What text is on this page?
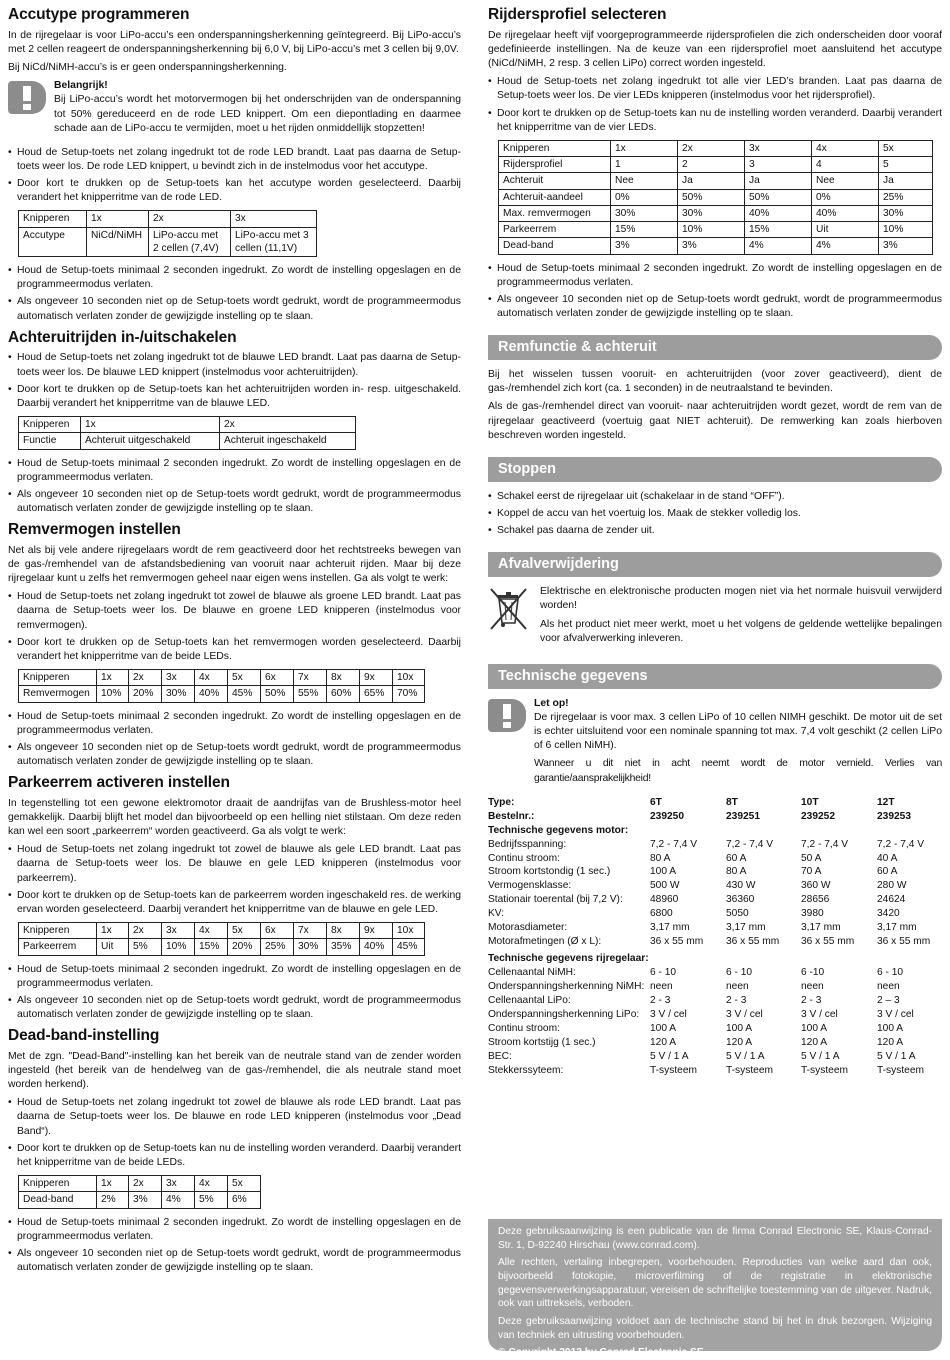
Accutype programmeren

In de rijregelaar is voor LiPo-accu’s een onderspanningsherkenning geïntegreerd. Bij LiPo-accu’s met 2 cellen reageert de onderspanningsherkenning bij 6,0 V, bij LiPo-accu’s met 3 cellen bij 9,0V.

Bij NiCd/NiMH-accu’s is er geen onderspanningsherkenning.

Belangrijk!

Bij LiPo-accu’s wordt het motorvermogen bij het onderschrijden van de onderspanning tot 50% gereduceerd en de rode LED knippert. Om een diepontlading en daarmee schade aan de LiPo-accu te vermijden, moet u het rijden onmiddellijk stopzetten!

• Houd de Setup-toets net zolang ingedrukt tot de rode LED brandt. Laat pas daarna de Setup-toets weer los. De rode LED knippert, u bevindt zich in de instelmodus voor het accutype.
• Door kort te drukken op de Setup-toets kan het accutype worden geselecteerd. Daarbij verandert het knipperritme van de rode LED.
Knipperen	1x	2x	3x
Accutype	NiCd/NiMH	LiPo-accu met 2 cellen (7,4V)	LiPo-accu met 3 cellen (11,1V)
• Houd de Setup-toets minimaal 2 seconden ingedrukt. Zo wordt de instelling opgeslagen en de programmeermodus verlaten.
• Als ongeveer 10 seconden niet op de Setup-toets wordt gedrukt, wordt de programmeermodus automatisch verlaten zonder de gewijzigde instelling op te slaan.
Achteruitrijden in-/uitschakelen
• Houd de Setup-toets net zolang ingedrukt tot de blauwe LED brandt. Laat pas daarna de Setup-toets weer los. De blauwe LED knippert (instelmodus voor achteruitrijden).
• Door kort te drukken op de Setup-toets kan het achteruitrijden worden in- resp. uitgeschakeld. Daarbij verandert het knipperritme van de blauwe LED.
Knipperen	1x	2x
Functie	Achteruit uitgeschakeld	Achteruit ingeschakeld
• Houd de Setup-toets minimaal 2 seconden ingedrukt. Zo wordt de instelling opgeslagen en de programmeermodus verlaten.
• Als ongeveer 10 seconden niet op de Setup-toets wordt gedrukt, wordt de programmeermodus automatisch verlaten zonder de gewijzigde instelling op te slaan.
Remvermogen instellen

Net als bij vele andere rijregelaars wordt de rem geactiveerd door het rechtstreeks bewegen van de gas-/remhendel van de afstandsbediening van vooruit naar achteruit rijden. Maar bij deze rijregelaar kunt u zelfs het remvermogen geheel naar eigen wens instellen. Ga als volgt te werk:

• Houd de Setup-toets net zolang ingedrukt tot zowel de blauwe als groene LED brandt. Laat pas daarna de Setup-toets weer los. De blauwe en groene LED knipperen (instelmodus voor remvermogen).
• Door kort te drukken op de Setup-toets kan het remvermogen worden geselecteerd. Daarbij verandert het knipperritme van de beide LEDs.
Knipperen	1x	2x	3x	4x	5x	6x	7x	8x	9x	10x
Remvermogen	10%	20%	30%	40%	45%	50%	55%	60%	65%	70%
• Houd de Setup-toets minimaal 2 seconden ingedrukt. Zo wordt de instelling opgeslagen en de programmeermodus verlaten.
• Als ongeveer 10 seconden niet op de Setup-toets wordt gedrukt, wordt de programmeermodus automatisch verlaten zonder de gewijzigde instelling op te slaan.
Parkeerrem activeren instellen

In tegenstelling tot een gewone elektromotor draait de aandrijfas van de Brushless-motor heel gemakkelijk. Daarbij blijft het model dan bijvoorbeeld op een helling niet stilstaan. Om deze reden kan wel een soort „parkeerrem“ worden geactiveerd. Ga als volgt te werk:

• Houd de Setup-toets net zolang ingedrukt tot zowel de blauwe als gele LED brandt. Laat pas daarna de Setup-toets weer los. De blauwe en gele LED knipperen (instelmodus voor parkeerrem).
• Door kort te drukken op de Setup-toets kan de parkeerrem worden ingeschakeld res. de werking ervan worden geselecteerd. Daarbij verandert het knipperritme van de blauwe en gele LED.
Knipperen	1x	2x	3x	4x	5x	6x	7x	8x	9x	10x
Parkeerrem	Uit	5%	10%	15%	20%	25%	30%	35%	40%	45%
• Houd de Setup-toets minimaal 2 seconden ingedrukt. Zo wordt de instelling opgeslagen en de programmeermodus verlaten.
• Als ongeveer 10 seconden niet op de Setup-toets wordt gedrukt, wordt de programmeermodus automatisch verlaten zonder de gewijzigde instelling op te slaan.
Dead-band-instelling

Met de zgn. "Dead-Band"-instelling kan het bereik van de neutrale stand van de zender worden ingesteld (het bereik van de hendelweg van de gas-/remhendel, die als neutrale stand moet worden herkend).

• Houd de Setup-toets net zolang ingedrukt tot zowel de blauwe als rode LED brandt. Laat pas daarna de Setup-toets weer los. De blauwe en rode LED knipperen (instelmodus voor „Dead Band“).
• Door kort te drukken op de Setup-toets kan nu de instelling worden veranderd. Daarbij verandert het knipperritme van de beide LEDs.
Knipperen	1x	2x	3x	4x	5x
Dead-band	2%	3%	4%	5%	6%
• Houd de Setup-toets minimaal 2 seconden ingedrukt. Zo wordt de instelling opgeslagen en de programmeermodus verlaten.
• Als ongeveer 10 seconden niet op de Setup-toets wordt gedrukt, wordt de programmeermodus automatisch verlaten zonder de gewijzigde instelling op te slaan.
Rijdersprofiel selecteren

De rijregelaar heeft vijf voorgeprogrammeerde rijdersprofielen die zich onderscheiden door vooraf gedefinieerde instellingen. Na de keuze van een rijdersprofiel moet aansluitend het accutype (NiCd/NiMH, 2 resp. 3 cellen LiPo) correct worden ingesteld.

• Houd de Setup-toets net zolang ingedrukt tot alle vier LED’s branden. Laat pas daarna de Setup-toets weer los. De vier LEDs knipperen (instelmodus voor het rijdersprofiel).
• Door kort te drukken op de Setup-toets kan nu de instelling worden veranderd. Daarbij verandert het knipperritme van de vier LEDs.
Knipperen	1x	2x	3x	4x	5x
Rijdersprofiel	1	2	3	4	5
Achteruit	Nee	Ja	Ja	Nee	Ja
Achteruit-aandeel	0%	50%	50%	0%	25%
Max. remvermogen	30%	30%	40%	40%	30%
Parkeerrem	15%	10%	15%	Uit	10%
Dead-band	3%	3%	4%	4%	3%
• Houd de Setup-toets minimaal 2 seconden ingedrukt. Zo wordt de instelling opgeslagen en de programmeermodus verlaten.
• Als ongeveer 10 seconden niet op de Setup-toets wordt gedrukt, wordt de programmeermodus automatisch verlaten zonder de gewijzigde instelling op te slaan.
Remfunctie & achteruit

Bij het wisselen tussen vooruit- en achteruitrijden (voor zover geactiveerd), dient de gas-/remhendel zich kort (ca. 1 seconden) in de neutraalstand te bevinden.

Als de gas-/remhendel direct van vooruit- naar achteruitrijden wordt gezet, wordt de rem van de rijregelaar geactiveerd (voertuig gaat NIET achteruit). De remwerking kan zoals hierboven beschreven worden ingesteld.

Stoppen
• Schakel eerst de rijregelaar uit (schakelaar in de stand “OFF”).
• Koppel de accu van het voertuig los. Maak de stekker volledig los.
• Schakel pas daarna de zender uit.
Afvalverwijdering

Elektrische en elektronische producten mogen niet via het normale huisvuil verwijderd worden!

Als het product niet meer werkt, moet u het volgens de geldende wettelijke bepalingen voor afvalverwerking inleveren.

Technische gegevens
Let op!

De rijregelaar is voor max. 3 cellen LiPo of 10 cellen NIMH geschikt. De motor uit de set is echter uitsluitend voor een nominale spanning tot max. 7,4 volt geschikt (2 cellen LiPo of 6 cellen NiMH).

Wanneer u dit niet in acht neemt wordt de motor vernield. Verlies van garantie/aansprakelijkheid!

Type:	6T	8T	10T	12T
Bestelnr.:	239250	239251	239252	239253
Technische gegevens motor:				
Bedrijfsspanning:	7,2 - 7,4 V	7,2 - 7,4 V	7,2 - 7,4 V	7,2 - 7,4 V
Continu stroom:	80 A	60 A	50 A	40 A
Stroom kortstondig (1 sec.)	100 A	80 A	70 A	60 A
Vermogensklasse:	500 W	430 W	360 W	280 W
Stationair toerental (bij 7,2 V):	48960	36360	28656	24624
KV:	6800	5050	3980	3420
Motorasdiameter:	3,17 mm	3,17 mm	3,17 mm	3,17 mm
Motorafmetingen (Ø x L):	36 x 55 mm	36 x 55 mm	36 x 55 mm	36 x 55 mm
Technische gegevens rijregelaar:				
Cellenaantal NiMH:	6 - 10	6 - 10	6 -10	6 - 10
Onderspanningsherkenning NiMH:	neen	neen	neen	neen
Cellenaantal LiPo:	2 - 3	2 - 3	2 - 3	2 – 3
Onderspanningsherkenning LiPo:	3 V / cel	3 V / cel	3 V / cel	3 V / cel
Continu stroom:	100 A	100 A	100 A	100 A
Stroom kortstijg (1 sec.)	120 A	120 A	120 A	120 A
BEC:	5 V / 1 A	5 V / 1 A	5 V / 1 A	5 V / 1 A
Stekkerssyteem:	T-systeem	T-systeem	T-systeem	T-systeem

Deze gebruiksaanwijzing is een publicatie van de firma Conrad Electronic SE, Klaus-Conrad-Str. 1, D-92240 Hirschau (www.conrad.com).

Alle rechten, vertaling inbegrepen, voorbehouden. Reproducties van welke aard dan ook, bijvoorbeeld fotokopie, microverfilming of de registratie in elektronische gegevensverwerkingsapparatuur, vereisen de schriftelijke toestemming van de uitgever. Nadruk, ook van uittreksels, verboden.

Deze gebruiksaanwijzing voldoet aan de technische stand bij het in druk bezorgen. Wijziging van techniek en uitrusting voorbehouden.

© Copyright 2012 by Conrad Electronic SE.
